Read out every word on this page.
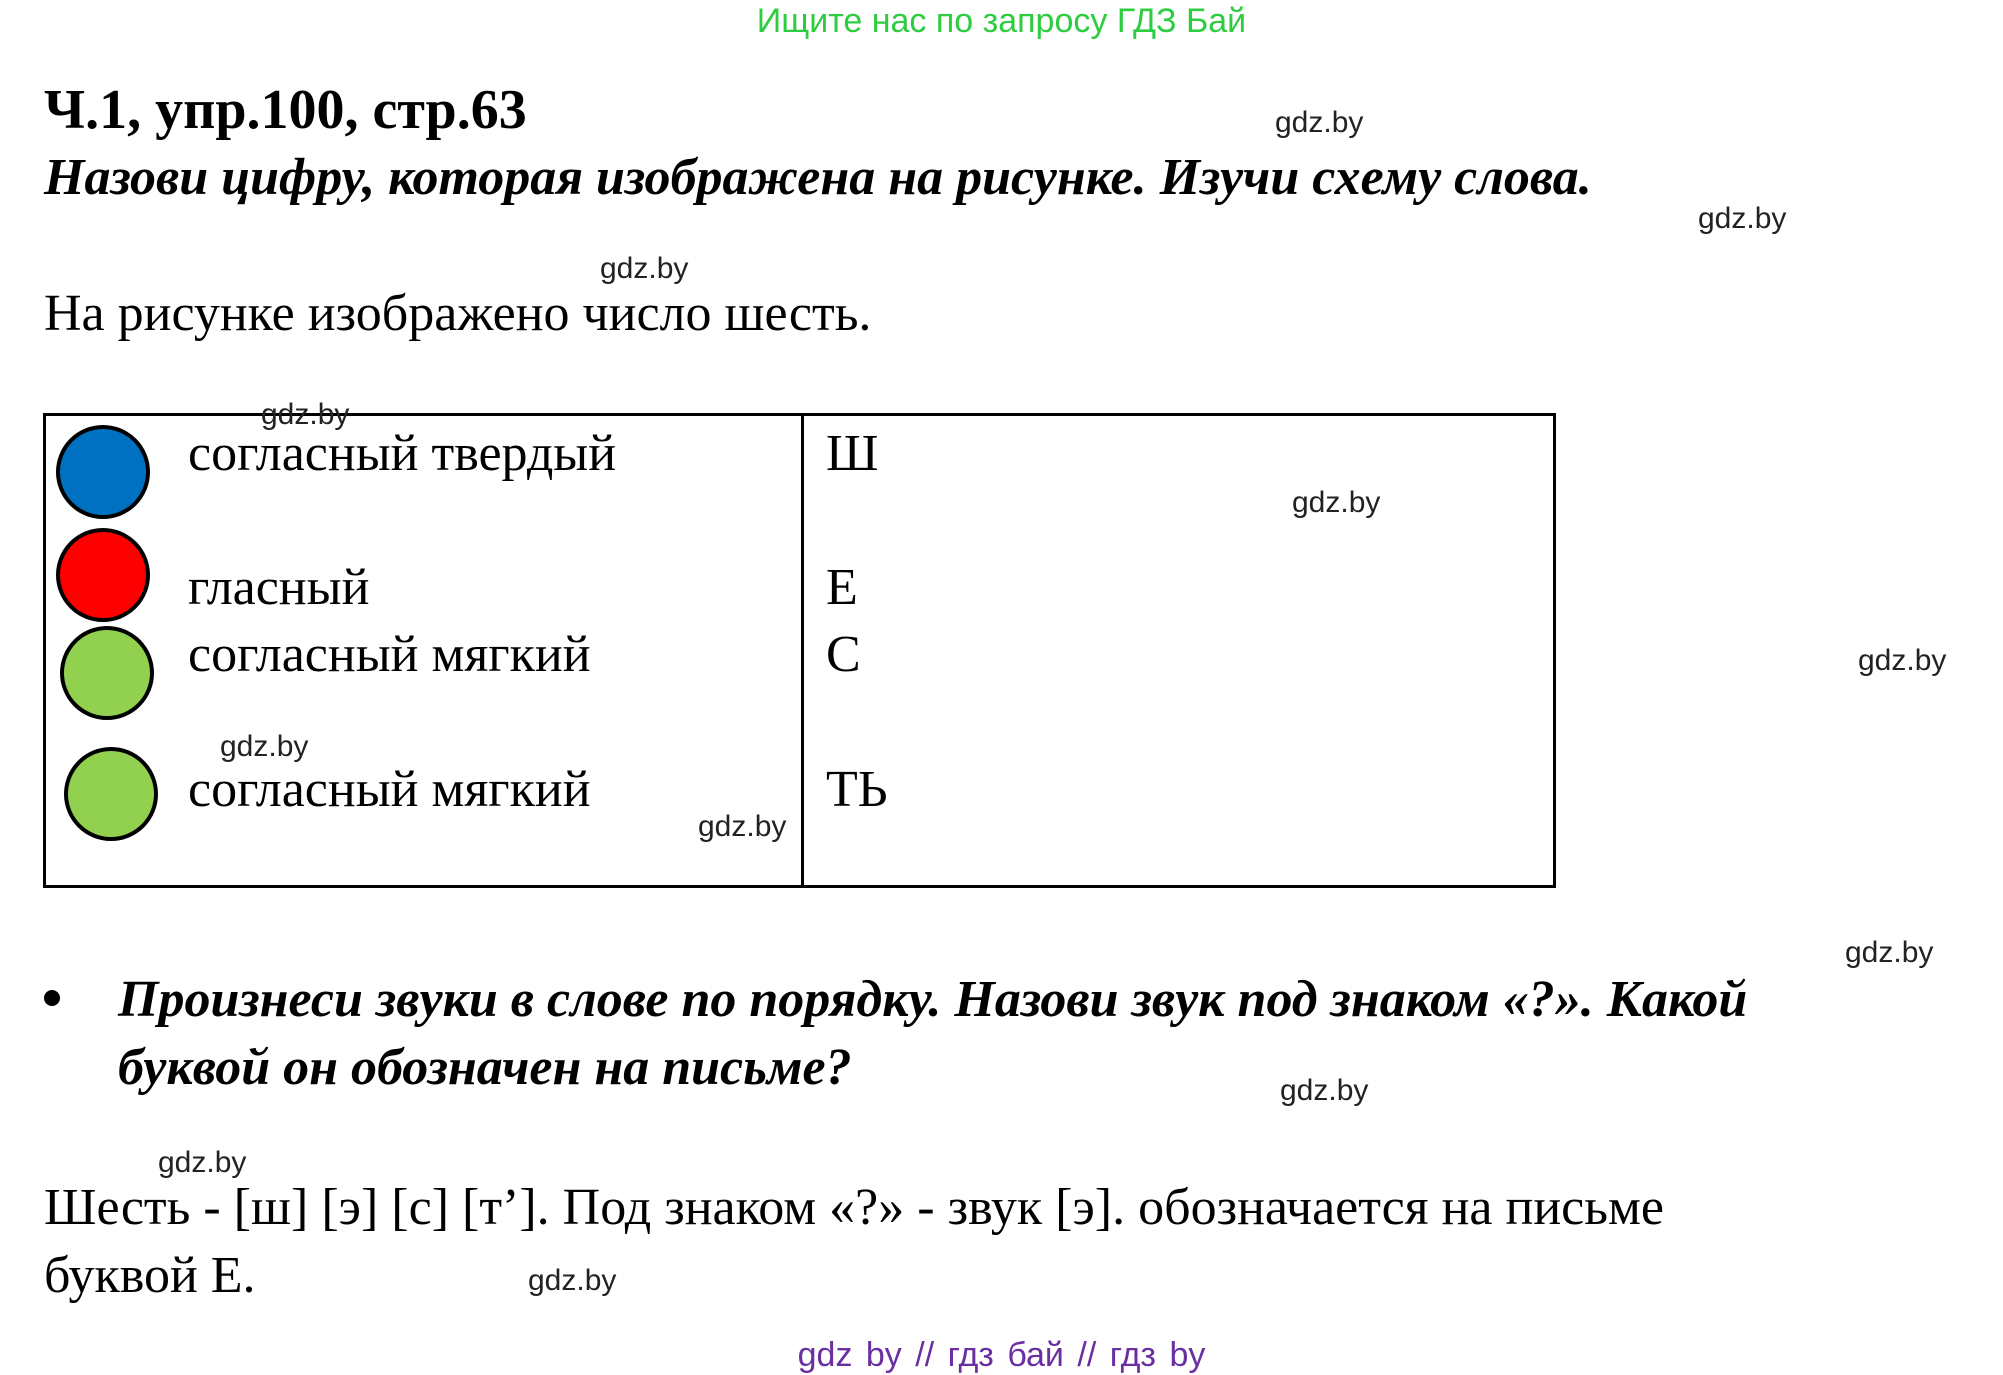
Ищите нас по запросу ГДЗ Бай
Ч.1, упр.100, стр.63
Назови цифру, которая изображена на рисунке. Изучи схему слова.
На рисунке изображено число шесть.
согласный твердый	Ш
гласный	Е
согласный мягкий	С
согласный мягкий	ТЬ
Произнеси звуки в слове по порядку. Назови звук под знаком «?». Какой
буквой он обозначен на письме?
Шесть - [ш] [э] [с] [т’]. Под знаком «?» - звук [э]. обозначается на письме
буквой Е.
gdz.by
gdz.by
gdz.by
gdz.by
gdz.by
gdz.by
gdz.by
gdz.by
gdz.by
gdz.by
gdz.by
gdz.by
gdz by // гдз бай // гдз by
